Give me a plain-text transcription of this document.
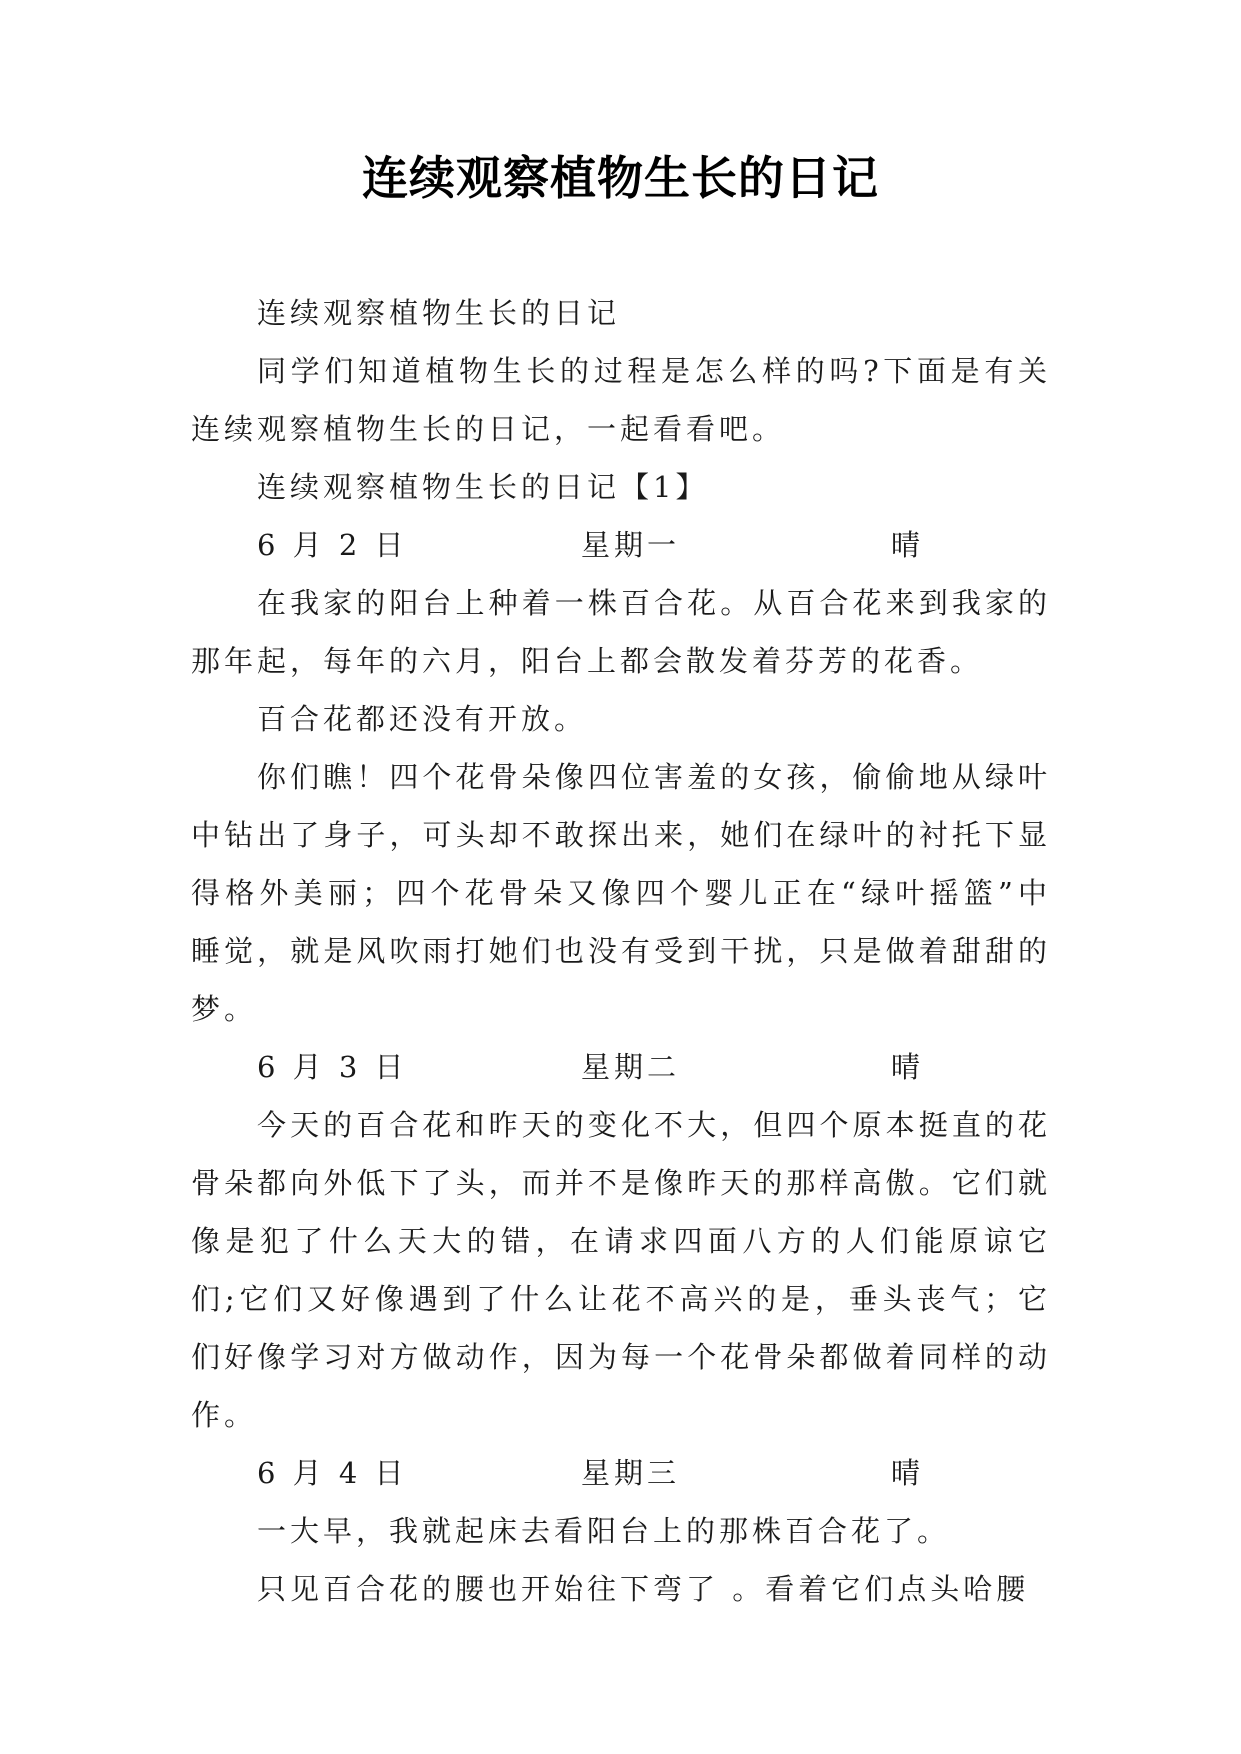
连续观察植物生长的日记

连续观察植物生长的日记

同学们知道植物生长的过程是怎么样的吗?下面是有关连续观察植物生长的日记，一起看看吧。

连续观察植物生长的日记【1】

6 月 2 日	星期一	晴

在我家的阳台上种着一株百合花。从百合花来到我家的那年起，每年的六月，阳台上都会散发着芬芳的花香。

百合花都还没有开放。

你们瞧！四个花骨朵像四位害羞的女孩，偷偷地从绿叶中钻出了身子，可头却不敢探出来，她们在绿叶的衬托下显得格外美丽；四个花骨朵又像四个婴儿正在“绿叶摇篮”中睡觉，就是风吹雨打她们也没有受到干扰，只是做着甜甜的梦。

6 月 3 日	星期二	晴

今天的百合花和昨天的变化不大，但四个原本挺直的花骨朵都向外低下了头，而并不是像昨天的那样高傲。它们就像是犯了什么天大的错，在请求四面八方的人们能原谅它们;它们又好像遇到了什么让花不高兴的是，垂头丧气；它们好像学习对方做动作，因为每一个花骨朵都做着同样的动作。

6 月 4 日	星期三	晴

一大早，我就起床去看阳台上的那株百合花了。

只见百合花的腰也开始往下弯了 。看着它们点头哈腰
